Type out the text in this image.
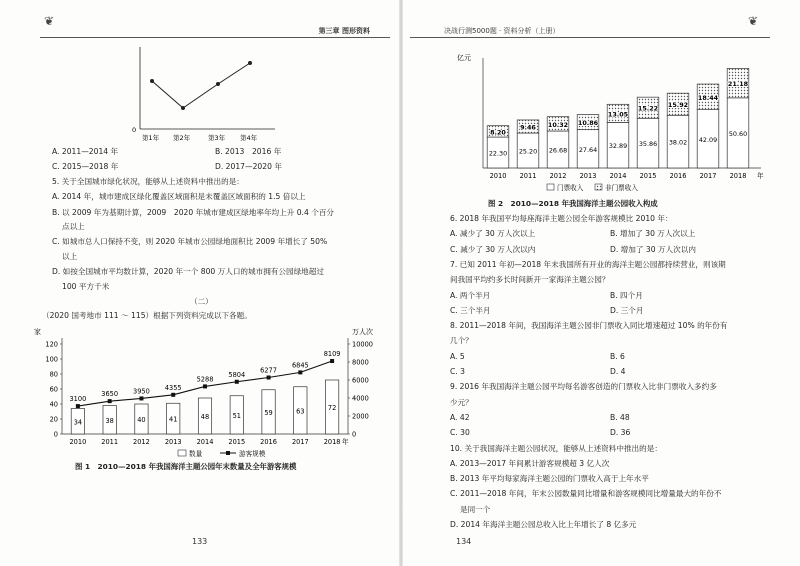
❦	❦
第三章 图形资料	决战行测5000题 · 资料分析（上册）
0
第1年 第2年	第3年 第4年
A. 2011—2014 年	B. 2013　2016 年
C. 2015—2018 年	D. 2017—2020 年
5. 关于全国城市绿化状况，能够从上述资料中推出的是：
A. 2014 年，城市建成区绿化覆盖区域面积是未覆盖区域面积的 1.5 倍以上
B. 以 2009 年为基期计算，2009　2020 年城市建成区绿地率年均上升 0.4 个百分
点以上
C. 如城市总人口保持不变，则 2020 年城市公园绿地面积比 2009 年增长了 50%
以上
D. 如按全国城市平均数计算，2020 年一个 800 万人口的城市拥有公园绿地超过
100 平方千米
（二）
（2020 国考地市 111 ～ 115）根据下列资料完成以下各题。
家	万人次
0
20
40
60
80
100
120
0
2000
4000
6000
8000
10000
34	38	40	41	48	51	59	63	72
3100
3650 3950 4355
5288
5804
6277
6845
8109
2010 2011 2012 2013 2014 2015 2016 2017 2018 年
数量	游客规模
图 1　2010—2018 年我国海洋主题公园年末数量及全年游客规模
133
亿元
22.30
8.20
2010
25.20
9.46
2011
26.68
10.32
2012
27.64
10.86
2013
32.89
13.05
2014
35.86
15.22
2015
38.02
15.92
2016
42.09
18.44
2017
50.60
21.18
2018 年
门票收入	非门票收入
图 2　2010—2018 年我国海洋主题公园收入构成
6. 2018 年我国平均每座海洋主题公园全年游客规模比 2010 年：
A. 减少了 30 万人次以上	B. 增加了 30 万人次以上
C. 减少了 30 万人次以内	D. 增加了 30 万人次以内
7. 已知 2011 年初—2018 年末我国所有开业的海洋主题公园都持续营业，则该期
间我国平均约多长时间新开一家海洋主题公园？
A. 两个半月	B. 四个月
C. 三个半月	D. 三个月
8. 2011—2018 年间，我国海洋主题公园非门票收入同比增速超过 10% 的年份有
几个？
A. 5	B. 6
C. 3	D. 4
9. 2016 年我国海洋主题公园平均每名游客创造的门票收入比非门票收入多约多
少元？
A. 42	B. 48
C. 30	D. 36
10. 关于我国海洋主题公园状况，能够从上述资料中推出的是：
A. 2013—2017 年间累计游客规模超 3 亿人次
B. 2013 年平均每家海洋主题公园的门票收入高于上年水平
C. 2011—2018 年间，年末公园数量同比增量和游客规模同比增量最大的年份不
是同一个
D. 2014 年海洋主题公园总收入比上年增长了 8 亿多元
134
